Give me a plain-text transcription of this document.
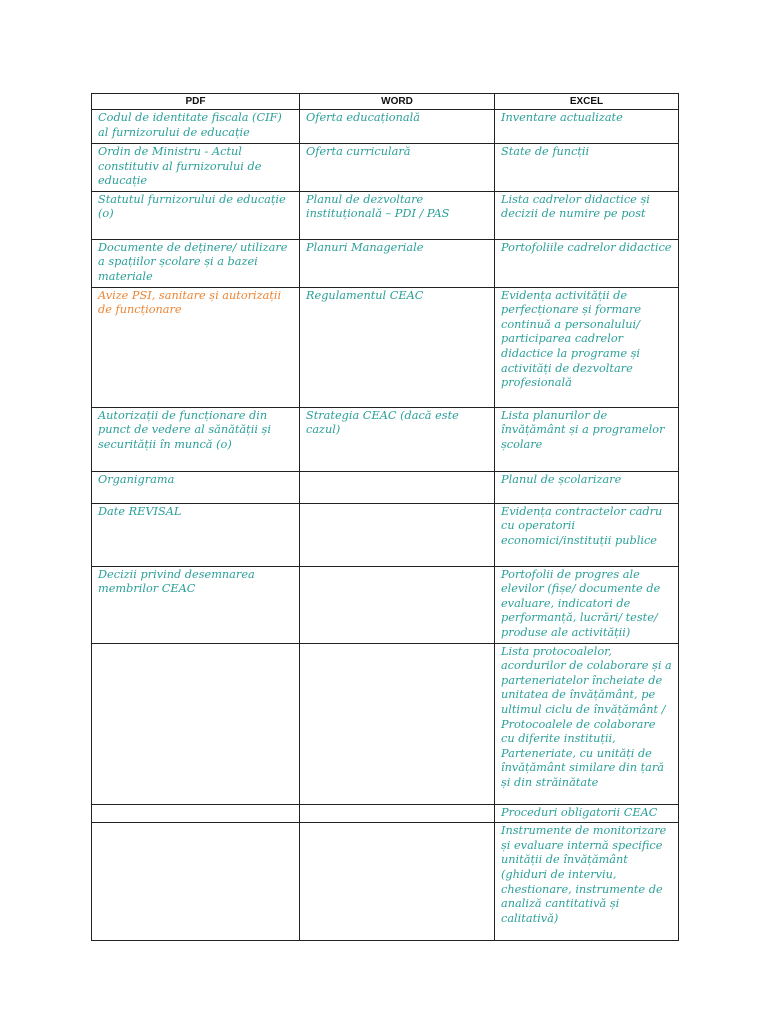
PDF	WORD	EXCEL

Codul de identitate fiscala (CIF) al furnizorului de educație	Oferta educațională	Inventare actualizate

Ordin de Ministru - Actul constitutiv al furnizorului de educație	Oferta curriculară	State de funcții

Statutul furnizorului de educație (o)	Planul de dezvoltare instituțională – PDI / PAS	Lista cadrelor didactice și decizii de numire pe post

Documente de deținere/ utilizare a spațiilor școlare și a bazei materiale	Planuri Manageriale	Portofoliile cadrelor didactice

Avize PSI, sanitare și autorizații de funcționare	Regulamentul CEAC	Evidența activității de perfecționare și formare continuă a personalului/ participarea cadrelor didactice la programe și activități de dezvoltare profesională

Autorizații de funcționare din punct de vedere al sănătății și securității în muncă (o)	Strategia CEAC (dacă este cazul)	Lista planurilor de învățământ și a programelor școlare

Organigrama		Planul de școlarizare

Date REVISAL		Evidența contractelor cadru cu operatorii economici/instituții publice

Decizii privind desemnarea membrilor CEAC		Portofolii de progres ale elevilor (fișe/ documente de evaluare, indicatori de performanță, lucrări/ teste/ produse ale activității)

		Lista protocoalelor, acordurilor de colaborare și a parteneriatelor încheiate de unitatea de învățământ, pe ultimul ciclu de învățământ / Protocoalele de colaborare cu diferite instituții, Parteneriate, cu unități de învățământ similare din țară și din străinătate

		Proceduri obligatorii CEAC

		Instrumente de monitorizare și evaluare internă specifice unității de învățământ (ghiduri de interviu, chestionare, instrumente de analiză cantitativă și calitativă)
